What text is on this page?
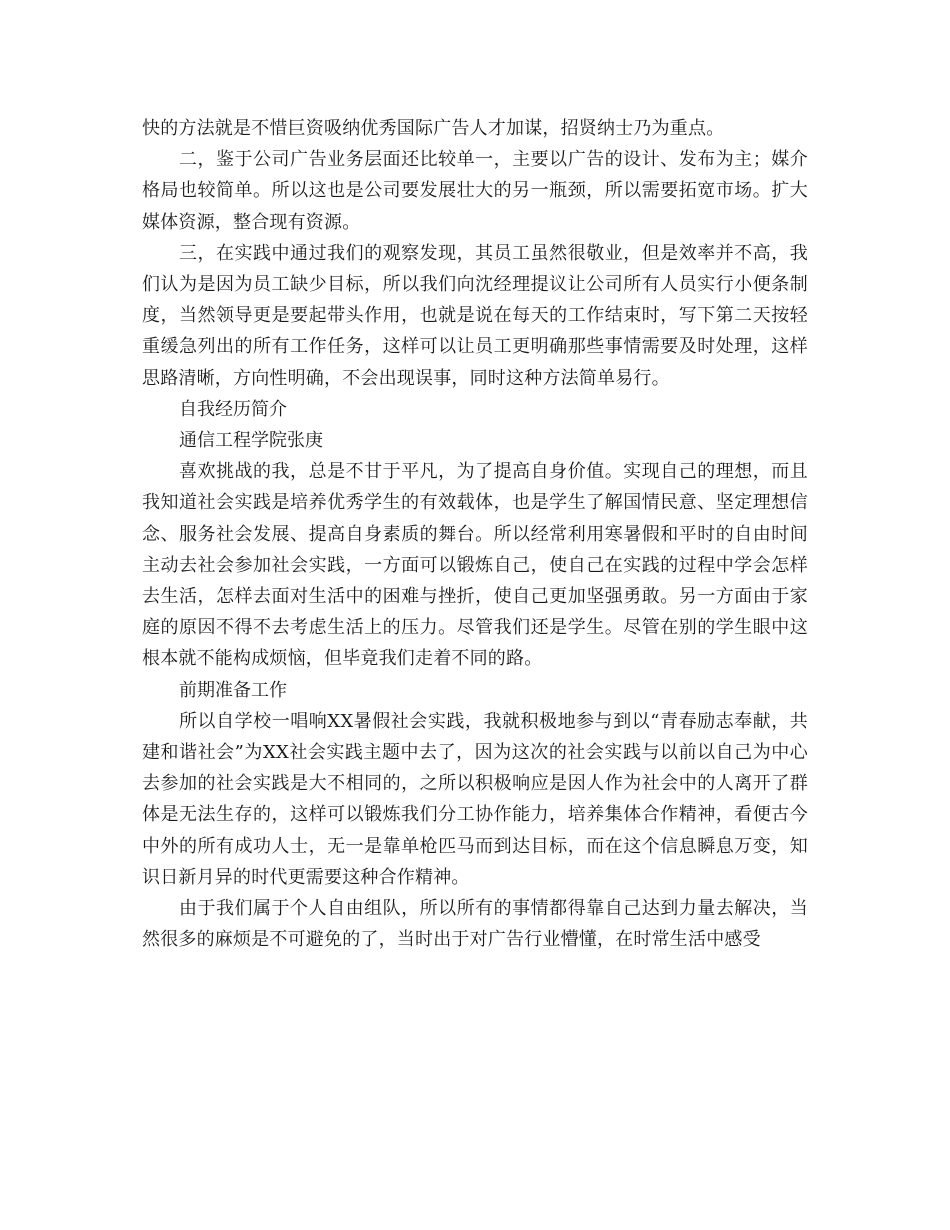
快的方法就是不惜巨资吸纳优秀国际广告人才加谋，招贤纳士乃为重点。

二，鉴于公司广告业务层面还比较单一，主要以广告的设计、发布为主；媒介格局也较简单。所以这也是公司要发展壮大的另一瓶颈，所以需要拓宽市场。扩大媒体资源，整合现有资源。

三，在实践中通过我们的观察发现，其员工虽然很敬业，但是效率并不高，我们认为是因为员工缺少目标，所以我们向沈经理提议让公司所有人员实行小便条制度，当然领导更是要起带头作用，也就是说在每天的工作结束时，写下第二天按轻重缓急列出的所有工作任务，这样可以让员工更明确那些事情需要及时处理，这样思路清晰，方向性明确，不会出现误事，同时这种方法简单易行。

自我经历简介

通信工程学院张庚

喜欢挑战的我，总是不甘于平凡，为了提高自身价值。实现自己的理想，而且我知道社会实践是培养优秀学生的有效载体，也是学生了解国情民意、坚定理想信念、服务社会发展、提高自身素质的舞台。所以经常利用寒暑假和平时的自由时间主动去社会参加社会实践，一方面可以锻炼自己，使自己在实践的过程中学会怎样去生活，怎样去面对生活中的困难与挫折，使自己更加坚强勇敢。另一方面由于家庭的原因不得不去考虑生活上的压力。尽管我们还是学生。尽管在别的学生眼中这根本就不能构成烦恼，但毕竟我们走着不同的路。

前期准备工作

所以自学校一唱响XX暑假社会实践，我就积极地参与到以“青春励志奉献，共建和谐社会”为XX社会实践主题中去了，因为这次的社会实践与以前以自己为中心去参加的社会实践是大不相同的，之所以积极响应是因人作为社会中的人离开了群体是无法生存的，这样可以锻炼我们分工协作能力，培养集体合作精神，看便古今中外的所有成功人士，无一是靠单枪匹马而到达目标，而在这个信息瞬息万变，知识日新月异的时代更需要这种合作精神。

由于我们属于个人自由组队，所以所有的事情都得靠自己达到力量去解决，当然很多的麻烦是不可避免的了，当时出于对广告行业懵懂，在时常生活中感受
